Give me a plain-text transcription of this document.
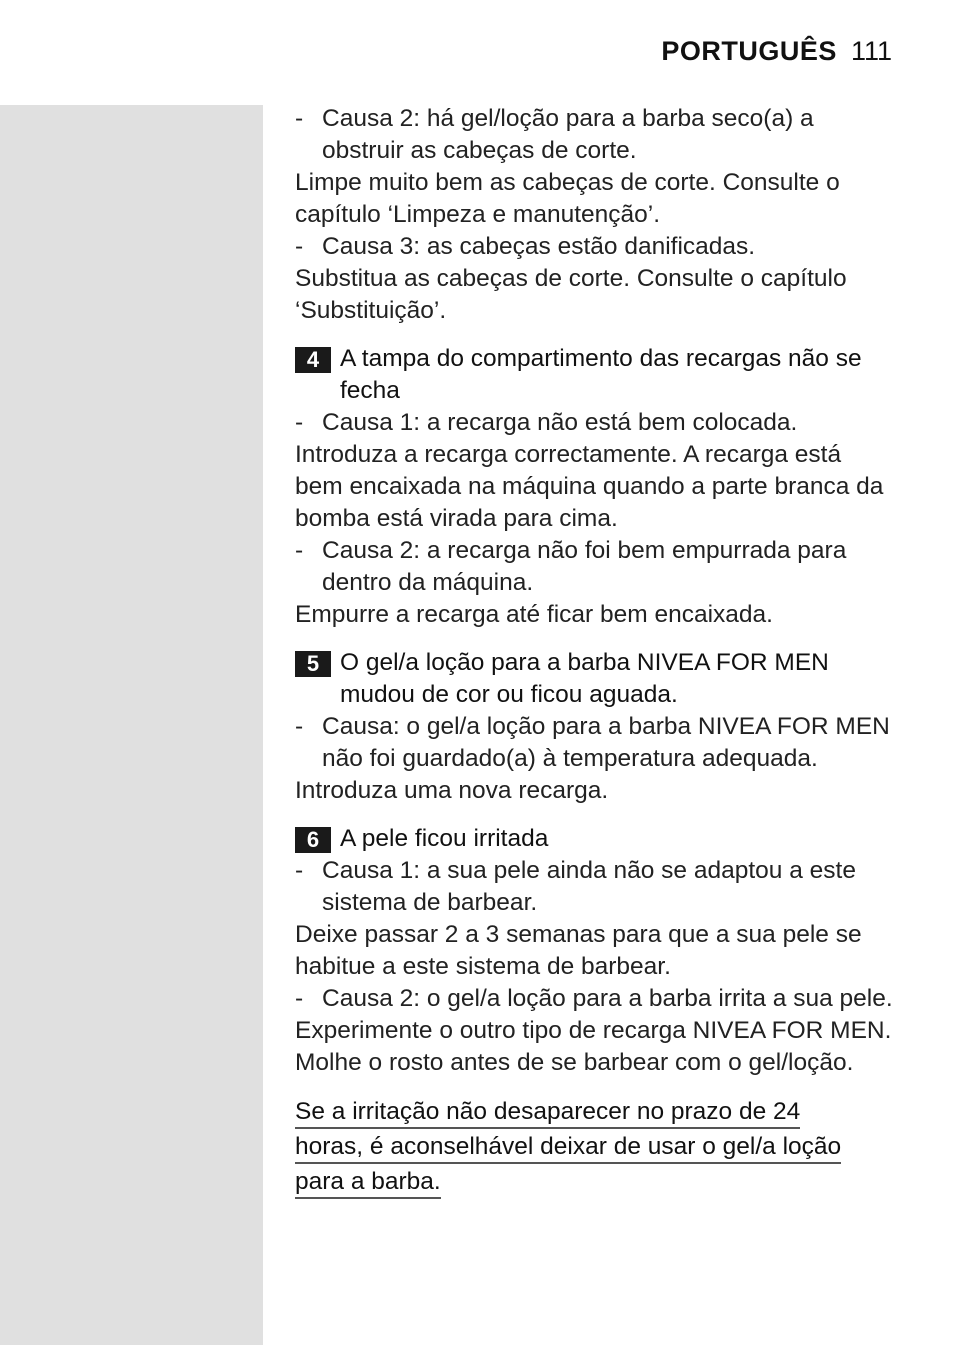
PORTUGUÊS 111
- Causa 2: há gel/loção para a barba seco(a) a obstruir as cabeças de corte.
Limpe muito bem as cabeças de corte. Consulte o capítulo ‘Limpeza e manutenção’.
- Causa 3: as cabeças estão danificadas.
Substitua as cabeças de corte. Consulte o capítulo ‘Substituição’.
4 A tampa do compartimento das recargas não se fecha
- Causa 1: a recarga não está bem colocada.
Introduza a recarga correctamente. A recarga está bem encaixada na máquina quando a parte branca da bomba está virada para cima.
- Causa 2: a recarga não foi bem empurrada para dentro da máquina.
Empurre a recarga até ficar bem encaixada.
5 O gel/a loção para a barba NIVEA FOR MEN mudou de cor ou ficou aguada.
- Causa: o gel/a loção para a barba NIVEA FOR MEN não foi guardado(a) à temperatura adequada.
Introduza uma nova recarga.
6 A pele ficou irritada
- Causa 1: a sua pele ainda não se adaptou a este sistema de barbear.
Deixe passar 2 a 3 semanas para que a sua pele se habitue a este sistema de barbear.
- Causa 2: o gel/a loção para a barba irrita a sua pele.
Experimente o outro tipo de recarga NIVEA FOR MEN.
Molhe o rosto antes de se barbear com o gel/loção.
Se a irritação não desaparecer no prazo de 24
horas, é aconselhável deixar de usar o gel/a loção
para a barba.
